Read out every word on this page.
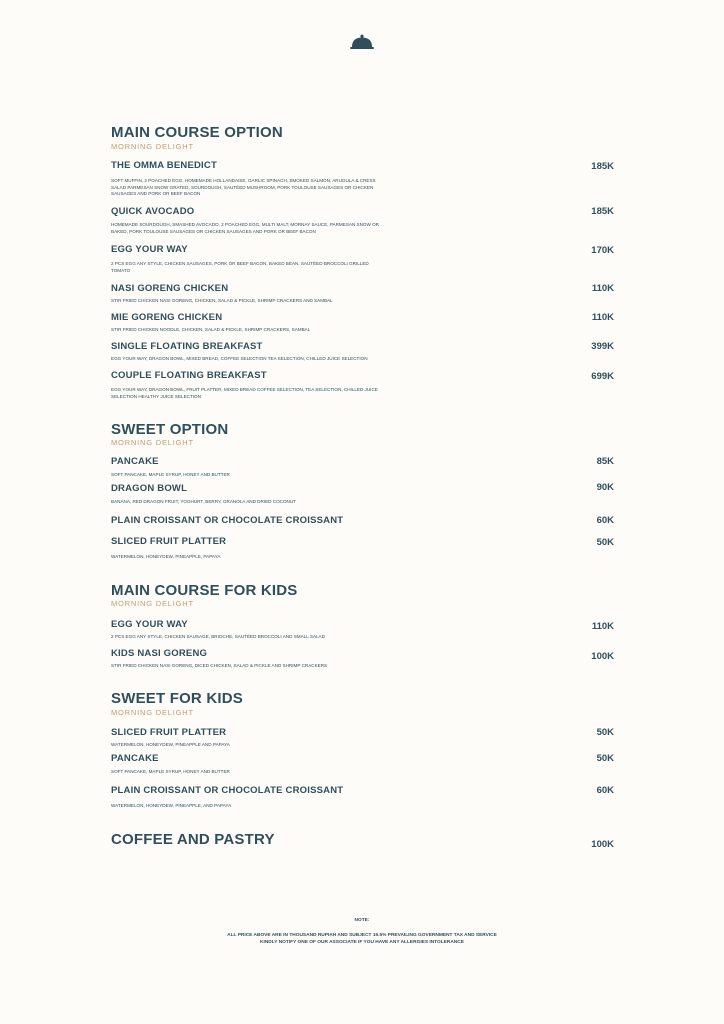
MAIN COURSE OPTION
MORNING DELIGHT
THE OMMA BENEDICT	185K
SOFT MUFFIN, 2 POACHED EGG, HOMEMADE HOLLANDAISE, GARLIC SPINACH, SMOKED SALMON, ARUGULA & CRESS SALAD PARMESAN SNOW GRATED, SOURDOUGH, SAUTÉED MUSHROOM, PORK TOULOUSE SAUSAGES OR CHICKEN SAUSAGES AND PORK OR BEEF BACON
QUICK AVOCADO	185K
HOMEMADE SOURDOUGH, SMASHED AVOCADO, 2 POACHED EGG, MULTI MALT, MORNAY SAUCE, PARMESAN SNOW OR BAKED, PORK TOULOUSE SAUSAGES OR CHICKEN SAUSAGES AND PORK OR BEEF BACON
EGG YOUR WAY	170K
2 PCS EGG ANY STYLE, CHICKEN SAUSAGES, PORK OR BEEF BACON, BAKED BEAN, SAUTÉED BROCCOLI GRILLED TOMATO
NASI GORENG CHICKEN	110K
STIR FRIED CHICKEN NASI GORENG, CHICKEN, SALAD & PICKLE, SHRIMP CRACKERS AND SAMBAL
MIE GORENG CHICKEN	110K
STIR FRIED CHICKEN NOODLE, CHICKEN, SALAD & PICKLE, SHRIMP CRACKERS, SAMBAL
SINGLE FLOATING BREAKFAST	399K
EGG YOUR WAY, DRAGON BOWL, MIXED BREAD, COFFEE SELECTION TEA SELECTION, CHILLED JUICE SELECTION
COUPLE FLOATING BREAKFAST	699K
EGG YOUR WAY, DRAGON BOWL, FRUIT PLATTER, MIXED BREAD COFFEE SELECTION, TEA SELECTION, CHILLED JUICE SELECTION HEALTHY JUICE SELECTION
SWEET OPTION
MORNING DELIGHT
PANCAKE	85K
SOFT PANCAKE, MAPLE SYRUP, HONEY AND BUTTER
DRAGON BOWL	90K
BANANA, RED DRAGON FRUIT, YOGHURT, BERRY, GRANOLA AND DRIED COCONUT
PLAIN CROISSANT OR CHOCOLATE CROISSANT	60K
SLICED FRUIT PLATTER	50K
WATERMELON, HONEYDEW, PINEAPPLE, PAPAYA
MAIN COURSE FOR KIDS
MORNING DELIGHT
EGG YOUR WAY	110K
2 PCS EGG ANY STYLE, CHICKEN SAUSAGE, BRIOCHE, SAUTÉED BROCCOLI AND SMALL SALAD
KIDS NASI GORENG	100K
STIR FRIED CHICKEN NASI GORENG, DICED CHICKEN, SALAD & PICKLE AND SHRIMP CRACKERS
SWEET FOR KIDS
MORNING DELIGHT
SLICED FRUIT PLATTER	50K
WATERMELON, HONEYDEW, PINEAPPLE AND PAPAYA
PANCAKE	50K
SOFT PANCAKE, MAPLE SYRUP, HONEY AND BUTTER
PLAIN CROISSANT OR CHOCOLATE CROISSANT	60K
WATERMELON, HONEYDEW, PINEAPPLE, AND PAPAYA
COFFEE AND PASTRY	100K
NOTE:
ALL PRICE ABOVE ARE IN THOUSAND RUPIAH AND SUBJECT 15.5% PREVAILING GOVERNMENT TAX AND SERVICE
KINDLY NOTIFY ONE OF OUR ASSOCIATE IF YOU HAVE ANY ALLERGIES INTOLERANCE
